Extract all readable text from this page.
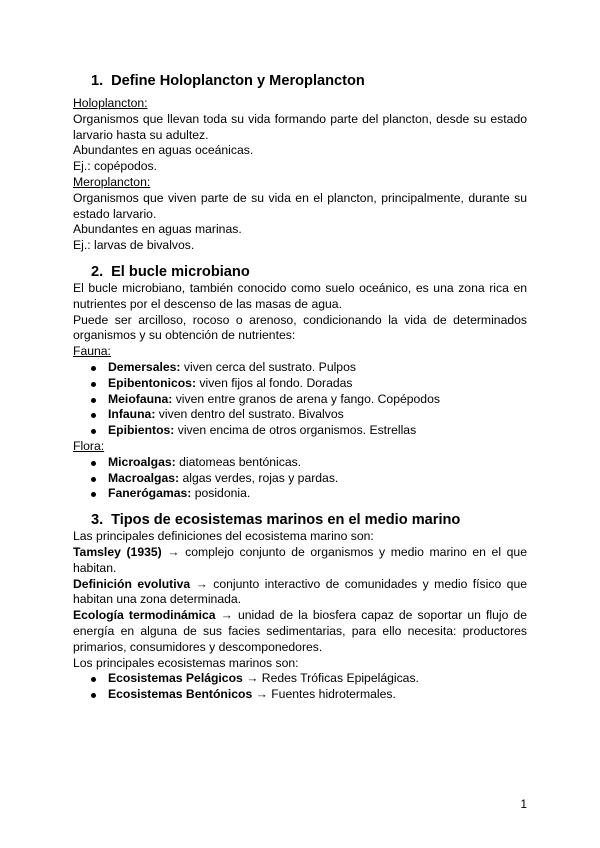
1. Define Holoplancton y Meroplancton

Holoplancton:

Organismos que llevan toda su vida formando parte del plancton, desde su estado larvario hasta su adultez.

Abundantes en aguas oceánicas.

Ej.: copépodos.

Meroplancton:

Organismos que viven parte de su vida en el plancton, principalmente, durante su estado larvario.

Abundantes en aguas marinas.

Ej.: larvas de bivalvos.

2. El bucle microbiano

El bucle microbiano, también conocido como suelo oceánico, es una zona rica en nutrientes por el descenso de las masas de agua.

Puede ser arcilloso, rocoso o arenoso, condicionando la vida de determinados organismos y su obtención de nutrientes:

Fauna:

Demersales: viven cerca del sustrato. Pulpos
Epibentonicos: viven fijos al fondo. Doradas
Meiofauna: viven entre granos de arena y fango. Copépodos
Infauna: viven dentro del sustrato. Bivalvos
Epibientos: viven encima de otros organismos. Estrellas

Flora:

Microalgas: diatomeas bentónicas.
Macroalgas: algas verdes, rojas y pardas.
Fanerógamas: posidonia.
3. Tipos de ecosistemas marinos en el medio marino

Las principales definiciones del ecosistema marino son:

Tamsley (1935) → complejo conjunto de organismos y medio marino en el que habitan.

Definición evolutiva → conjunto interactivo de comunidades y medio físico que habitan una zona determinada.

Ecología termodinámica → unidad de la biosfera capaz de soportar un flujo de energía en alguna de sus facies sedimentarias, para ello necesita: productores primarios, consumidores y descomponedores.

Los principales ecosistemas marinos son:

Ecosistemas Pelágicos → Redes Tróficas Epipelágicas.
Ecosistemas Bentónicos → Fuentes hidrotermales.
1
